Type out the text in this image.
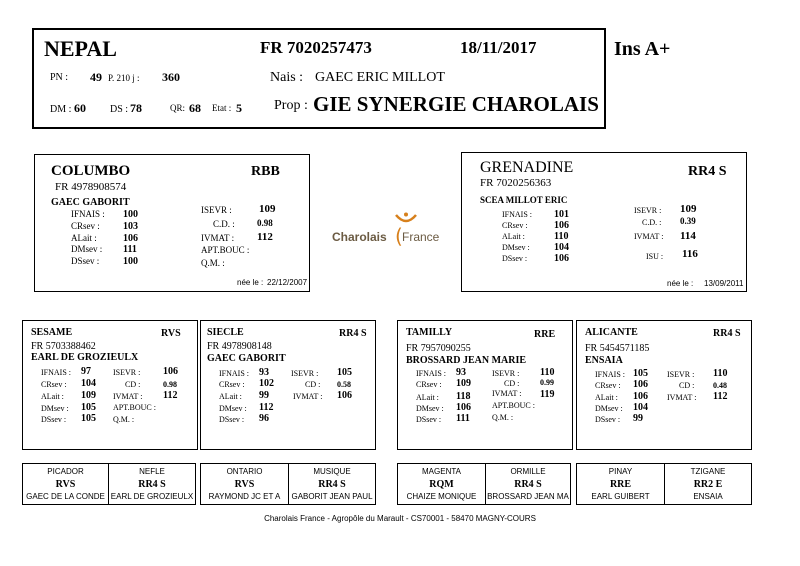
NEPAL	FR 7020257473	18/11/2017	Ins A+
PN : 49 P. 210 j : 360	Nais : GAEC ERIC MILLOT
DM : 60 DS : 78	QR: 68 Etat : 5 Prop : GIE SYNERGIE CHAROLAIS
COLUMBO	RBB
FR 4978908574
GAEC GABORIT
IFNAIS : 100
CRsev : 103
ALait :	106
DMsev : 111
DSsev : 100
ISEVR : 109
C.D. : 0.98
IVMAT : 112
APT.BOUC :
Q.M. :
née le : 22/12/2007
Charolais ( France
GRENADINE	RR4 S
FR 7020256363
SCEA MILLOT ERIC
IFNAIS : 101
CRsev :	106
ALait :	110
DMsev : 104
DSsev :	106
ISEVR : 109
C.D. : 0.39
IVMAT : 114
ISU : 116
née le : 13/09/2011
SESAME	RVS
FR 5703388462
EARL DE GROZIEULX
IFNAIS : 97
CRsev : 104
ALait : 109
DMsev : 105
DSsev : 105
ISEVR : 106
CD :	0.98
IVMAT : 112
APT.BOUC :
Q.M. :
SIECLE	RR4 S
FR 4978908148
GAEC GABORIT
IFNAIS : 93
CRsev : 102
ALait : 99
DMsev : 112
DSsev : 96
ISEVR : 105
CD : 0.58
IVMAT : 106
TAMILLY	RRE
FR 7957090255
BROSSARD JEAN MARIE
IFNAIS : 93
CRsev : 109
ALait : 118
DMsev : 106
DSsev : 111
ISEVR : 110
CD :	0.99
IVMAT : 119
APT.BOUC :
Q.M. :
ALICANTE	RR4 S
FR 5454571185
ENSAIA
IFNAIS : 105
CRsev : 106
ALait : 106
DMsev : 104
DSsev : 99
ISEVR : 110
CD : 0.48
IVMAT : 112
PICADOR
RVS
GAEC DE LA CONDE
NEFLE
RR4 S
EARL DE GROZIEULX
ONTARIO
RVS
RAYMOND JC ET A
MUSIQUE
RR4 S
GABORIT JEAN PAUL
MAGENTA
RQM
CHAIZE MONIQUE
ORMILLE
RR4 S
BROSSARD JEAN MA
PINAY
RRE
EARL GUIBERT
TZIGANE
RR2 E
ENSAIA
Charolais France - Agropôle du Marault - CS70001 - 58470 MAGNY-COURS
